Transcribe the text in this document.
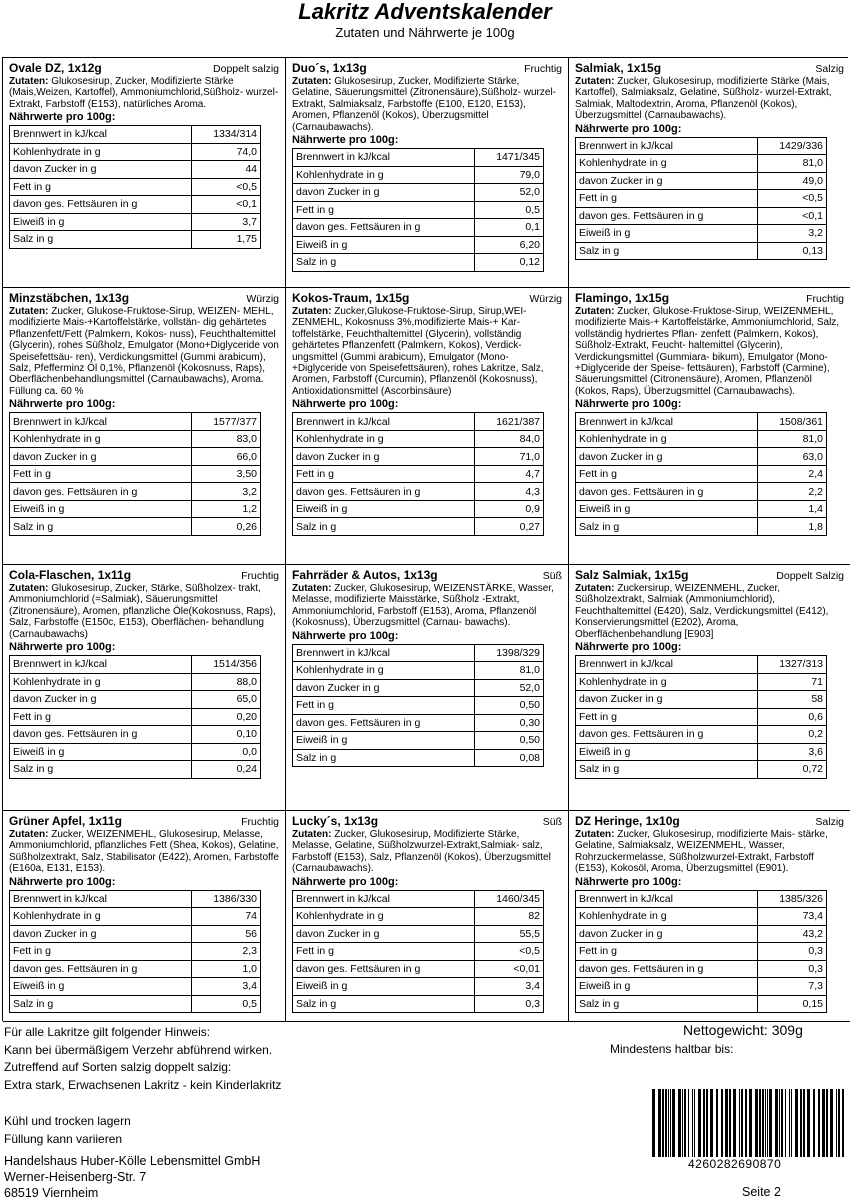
Lakritz Adventskalender
Zutaten und Nährwerte je 100g
Ovale DZ, 1x12g	Doppelt salzig
Zutaten: Glukosesirup, Zucker, Modifizierte Stärke (Mais,Weizen, Kartoffel), Ammoniumchlorid,Süßholz- wurzel-Extrakt, Farbstoff (E153), natürliches Aroma.
Nährwerte pro 100g:
Brennwert in kJ/kcal	1334/314
Kohlenhydrate in g	74,0
davon Zucker in g	44
Fett in g	<0,5
davon ges. Fettsäuren in g	<0,1
Eiweiß in g	3,7
Salz in g	1,75
Duo´s, 1x13g	Fruchtig
Zutaten: Glukosesirup, Zucker, Modifizierte Stärke, Gelatine, Säuerungsmittel (Zitronensäure),Süßholz- wurzel-Extrakt, Salmiaksalz, Farbstoffe (E100, E120, E153), Aromen, Pflanzenöl (Kokos), Überzugsmittel (Carnaubawachs).
Nährwerte pro 100g:
Brennwert in kJ/kcal	1471/345
Kohlenhydrate in g	79,0
davon Zucker in g	52,0
Fett in g	0,5
davon ges. Fettsäuren in g	0,1
Eiweiß in g	6,20
Salz in g	0,12
Salmiak, 1x15g	Salzig
Zutaten: Zucker, Glukosesirup, modifizierte Stärke (Mais, Kartoffel), Salmiaksalz, Gelatine, Süßholz- wurzel-Extrakt, Salmiak, Maltodextrin, Aroma, Pflanzenöl (Kokos), Überzugsmittel (Carnaubawachs).
Nährwerte pro 100g:
Brennwert in kJ/kcal	1429/336
Kohlenhydrate in g	81,0
davon Zucker in g	49,0
Fett in g	<0,5
davon ges. Fettsäuren in g	<0,1
Eiweiß in g	3,2
Salz in g	0,13
Minzstäbchen, 1x13g	Würzig
Zutaten: Zucker, Glukose-Fruktose-Sirup, WEIZEN- MEHL, modifizierte Mais-+Kartoffelstärke, vollstän- dig gehärtetes Pflanzenfett/Fett (Palmkern, Kokos- nuss), Feuchthaltemittel (Glycerin), rohes Süßholz, Emulgator (Mono+Diglyceride von Speisefettsäu- ren), Verdickungsmittel (Gummi arabicum), Salz, Pfefferminz Öl 0,1%, Pflanzenöl (Kokosnuss, Raps), Oberflächenbehandlungsmittel (Carnaubawachs), Aroma. Füllung ca. 60 %
Nährwerte pro 100g:
Brennwert in kJ/kcal	1577/377
Kohlenhydrate in g	83,0
davon Zucker in g	66,0
Fett in g	3,50
davon ges. Fettsäuren in g	3,2
Eiweiß in g	1,2
Salz in g	0,26
Kokos-Traum, 1x15g	Würzig
Zutaten: Zucker,Glukose-Fruktose-Sirup, Sirup,WEI- ZENMEHL, Kokosnuss 3%,modifizierte Mais-+ Kar- toffelstärke, Feuchthaltemittel (Glycerin), vollständig gehärtetes Pflanzenfett (Palmkern, Kokos), Verdick- ungsmittel (Gummi arabicum), Emulgator (Mono- +Diglyceride von Speisefettsäuren), rohes Lakritze, Salz, Aromen, Farbstoff (Curcumin), Pflanzenöl (Kokosnuss), Antioxidationsmittel (Ascorbinsäure)
Nährwerte pro 100g:
Brennwert in kJ/kcal	1621/387
Kohlenhydrate in g	84,0
davon Zucker in g	71,0
Fett in g	4,7
davon ges. Fettsäuren in g	4,3
Eiweiß in g	0,9
Salz in g	0,27
Flamingo, 1x15g	Fruchtig
Zutaten: Zucker, Glukose-Fruktose-Sirup, WEIZENMEHL, modifizierte Mais-+ Kartoffelstärke, Ammoniumchlorid, Salz, vollständig hydriertes Pflan- zenfett (Palmkern, Kokos), Süßholz-Extrakt, Feucht- haltemittel (Glycerin), Verdickungsmittel (Gummiara- bikum), Emulgator (Mono-+Diglyceride der Speise- fettsäuren), Farbstoff (Carmine), Säuerungsmittel (Citronensäure), Aromen, Pflanzenöl (Kokos, Raps), Überzugsmittel (Carnaubawachs).
Nährwerte pro 100g:
Brennwert in kJ/kcal	1508/361
Kohlenhydrate in g	81,0
davon Zucker in g	63,0
Fett in g	2,4
davon ges. Fettsäuren in g	2,2
Eiweiß in g	1,4
Salz in g	1,8
Cola-Flaschen, 1x11g	Fruchtig
Zutaten: Glukosesirup, Zucker, Stärke, Süßholzex- trakt, Ammoniumchlorid (=Salmiak), Säuerungsmittel (Zitronensäure), Aromen, pflanzliche Öle(Kokosnuss, Raps), Salz, Farbstoffe (E150c, E153), Oberflächen- behandlung (Carnaubawachs)
Nährwerte pro 100g:
Brennwert in kJ/kcal	1514/356
Kohlenhydrate in g	88,0
davon Zucker in g	65,0
Fett in g	0,20
davon ges. Fettsäuren in g	0,10
Eiweiß in g	0,0
Salz in g	0,24
Fahrräder & Autos, 1x13g	Süß
Zutaten: Zucker, Glukosesirup, WEIZENSTÄRKE, Wasser, Melasse, modifizierte Maisstärke, Süßholz -Extrakt, Ammoniumchlorid, Farbstoff (E153), Aroma, Pflanzenöl (Kokosnuss), Überzugsmittel (Carnau- bawachs).
Nährwerte pro 100g:
Brennwert in kJ/kcal	1398/329
Kohlenhydrate in g	81,0
davon Zucker in g	52,0
Fett in g	0,50
davon ges. Fettsäuren in g	0,30
Eiweiß in g	0,50
Salz in g	0,08
Salz Salmiak, 1x15g	Doppelt Salzig
Zutaten: Zuckersirup, WEIZENMEHL, Zucker, Süßholzextrakt, Salmiak (Ammoniumchlorid), Feuchthaltemittel (E420), Salz, Verdickungsmittel (E412), Konservierungsmittel (E202), Aroma, Oberflächenbehandlung [E903]
Nährwerte pro 100g:
Brennwert in kJ/kcal	1327/313
Kohlenhydrate in g	71
davon Zucker in g	58
Fett in g	0,6
davon ges. Fettsäuren in g	0,2
Eiweiß in g	3,6
Salz in g	0,72
Grüner Apfel, 1x11g	Fruchtig
Zutaten: Zucker, WEIZENMEHL, Glukosesirup, Melasse, Ammoniumchlorid, pflanzliches Fett (Shea, Kokos), Gelatine, Süßholzextrakt, Salz, Stabilisator (E422), Aromen, Farbstoffe (E160a, E131, E153).
Nährwerte pro 100g:
Brennwert in kJ/kcal	1386/330
Kohlenhydrate in g	74
davon Zucker in g	56
Fett in g	2,3
davon ges. Fettsäuren in g	1,0
Eiweiß in g	3,4
Salz in g	0,5
Lucky´s, 1x13g	Süß
Zutaten: Zucker, Glukosesirup, Modifizierte Stärke, Melasse, Gelatine, Süßholzwurzel-Extrakt,Salmiak- salz, Farbstoff (E153), Salz, Pflanzenöl (Kokos), Überzugsmittel (Carnaubawachs).
Nährwerte pro 100g:
Brennwert in kJ/kcal	1460/345
Kohlenhydrate in g	82
davon Zucker in g	55,5
Fett in g	<0,5
davon ges. Fettsäuren in g	<0,01
Eiweiß in g	3,4
Salz in g	0,3
DZ Heringe, 1x10g	Salzig
Zutaten: Zucker, Glukosesirup, modifizierte Mais- stärke, Gelatine, Salmiaksalz, WEIZENMEHL, Wasser, Rohrzuckermelasse, Süßholzwurzel-Extrakt, Farbstoff (E153), Kokosöl, Aroma, Überzugsmittel (E901).
Nährwerte pro 100g:
Brennwert in kJ/kcal	1385/326
Kohlenhydrate in g	73,4
davon Zucker in g	43,2
Fett in g	0,3
davon ges. Fettsäuren in g	0,3
Eiweiß in g	7,3
Salz in g	0,15
Für alle Lakritze gilt folgender Hinweis:
Kann bei übermäßigem Verzehr abführend wirken.
Zutreffend auf Sorten salzig doppelt salzig:
Extra stark, Erwachsenen Lakritz - kein Kinderlakritz
Kühl und trocken lagern
Füllung kann variieren
Nettogewicht: 309g
Mindestens haltbar bis:
Handelshaus Huber-Kölle Lebensmittel GmbH
Werner-Heisenberg-Str. 7
68519 Viernheim
4260282690870
Seite 2
